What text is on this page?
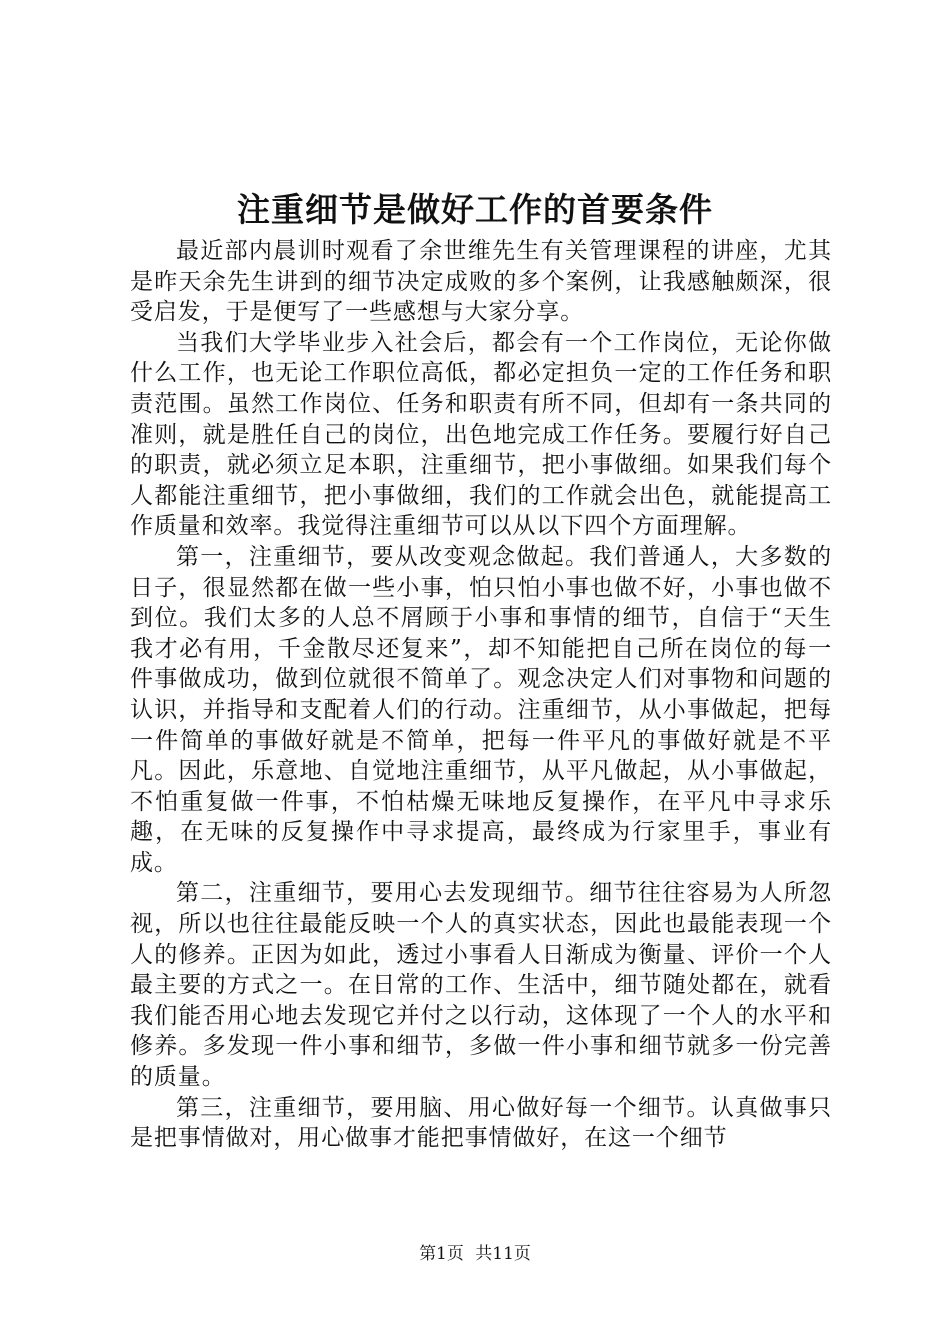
注重细节是做好工作的首要条件

最近部内晨训时观看了余世维先生有关管理课程的讲座，尤其是昨天余先生讲到的细节决定成败的多个案例，让我感触颇深，很受启发，于是便写了一些感想与大家分享。

当我们大学毕业步入社会后，都会有一个工作岗位，无论你做什么工作，也无论工作职位高低，都必定担负一定的工作任务和职责范围。虽然工作岗位、任务和职责有所不同，但却有一条共同的准则，就是胜任自己的岗位，出色地完成工作任务。要履行好自己的职责，就必须立足本职，注重细节，把小事做细。如果我们每个人都能注重细节，把小事做细，我们的工作就会出色，就能提高工作质量和效率。我觉得注重细节可以从以下四个方面理解。

第一，注重细节，要从改变观念做起。我们普通人，大多数的日子，很显然都在做一些小事，怕只怕小事也做不好，小事也做不到位。我们太多的人总不屑顾于小事和事情的细节，自信于“天生我才必有用，千金散尽还复来”，却不知能把自己所在岗位的每一件事做成功，做到位就很不简单了。观念决定人们对事物和问题的认识，并指导和支配着人们的行动。注重细节，从小事做起，把每一件简单的事做好就是不简单，把每一件平凡的事做好就是不平凡。因此，乐意地、自觉地注重细节，从平凡做起，从小事做起，不怕重复做一件事，不怕枯燥无味地反复操作，在平凡中寻求乐趣，在无味的反复操作中寻求提高，最终成为行家里手，事业有成。

第二，注重细节，要用心去发现细节。细节往往容易为人所忽视，所以也往往最能反映一个人的真实状态，因此也最能表现一个人的修养。正因为如此，透过小事看人日渐成为衡量、评价一个人最主要的方式之一。在日常的工作、生活中，细节随处都在，就看我们能否用心地去发现它并付之以行动，这体现了一个人的水平和修养。多发现一件小事和细节，多做一件小事和细节就多一份完善的质量。

第三，注重细节，要用脑、用心做好每一个细节。认真做事只是把事情做对，用心做事才能把事情做好，在这一个细节

第1页 共11页
